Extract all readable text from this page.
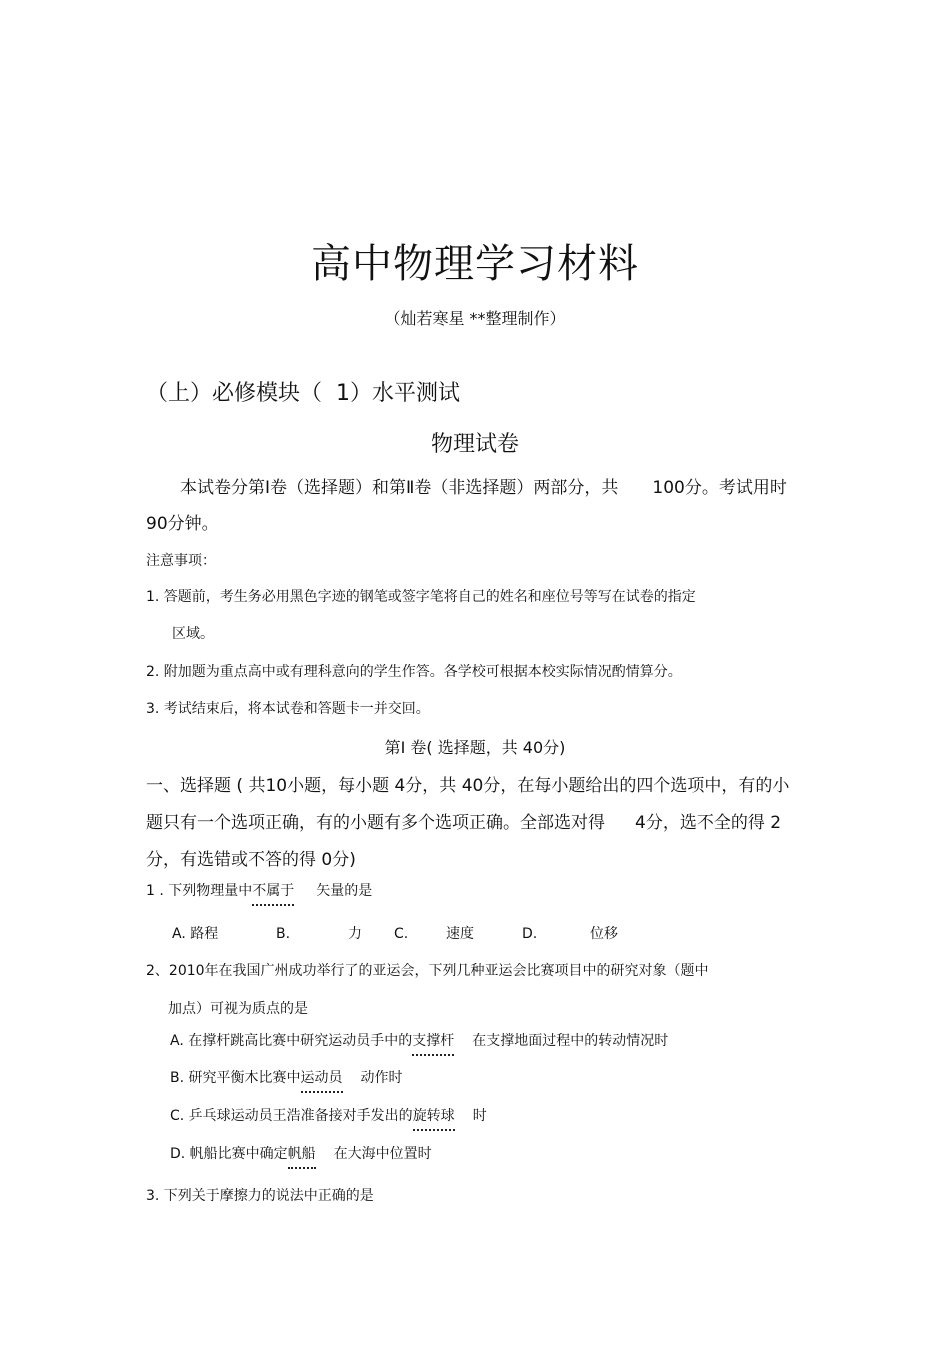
高中物理学习材料
（灿若寒星 **整理制作）
（上）必修模块（ 1）水平测试
物理试卷
本试卷分第Ⅰ卷（选择题）和第Ⅱ卷（非选择题）两部分，共 100分。考试用时90分钟。
注意事项：
1. 答题前，考生务必用黑色字迹的钢笔或签字笔将自己的姓名和座位号等写在试卷的指定
区域。
2. 附加题为重点高中或有理科意向的学生作答。各学校可根据本校实际情况酌情算分。
3. 考试结束后，将本试卷和答题卡一并交回。
第Ⅰ 卷( 选择题，共 40分)
一、选择题 ( 共10小题，每小题 4分，共 40分，在每小题给出的四个选项中，有的小题只有一个选项正确，有的小题有多个选项正确。全部选对得 4分，选不全的得 2分，有选错或不答的得 0分)
1 . 下列物理量中不属于 矢量的是
A. 路程	B.	力 C.	速度	D.	位移
2、2010年在我国广州成功举行了的亚运会，下列几种亚运会比赛项目中的研究对象（题中
加点）可视为质点的是
A. 在撑杆跳高比赛中研究运动员手中的支撑杆 在支撑地面过程中的转动情况时
B. 研究平衡木比赛中运动员 动作时
C. 乒乓球运动员王浩准备接对手发出的旋转球 时
D. 帆船比赛中确定帆船 在大海中位置时
3. 下列关于摩擦力的说法中正确的是
